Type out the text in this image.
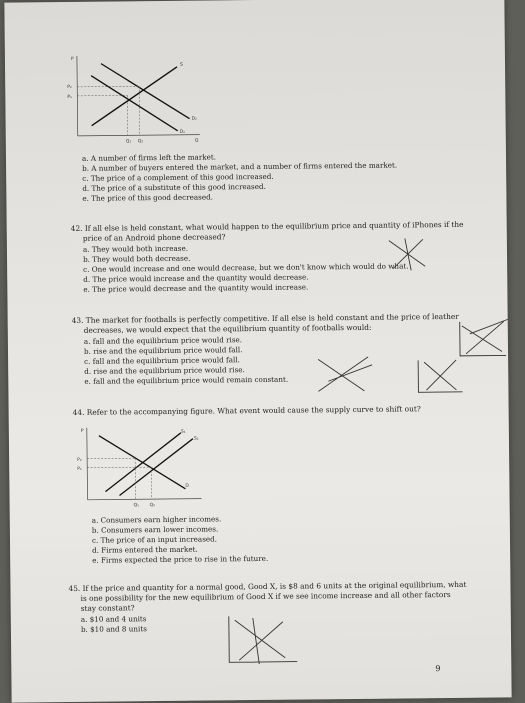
P
S
P₂
P₁
D₂
D₁
Q₁ Q₂	Q
a. A number of firms left the market.
b. A number of buyers entered the market, and a number of firms entered the market.
c. The price of a complement of this good increased.
d. The price of a substitute of this good increased.
e. The price of this good decreased.
42. If all else is held constant, what would happen to the equilibrium price and quantity of iPhones if the
price of an Android phone decreased?
a. They would both increase.
b. They would both decrease.
c. One would increase and one would decrease, but we don't know which would do what.
d. The price would increase and the quantity would decrease.
e. The price would decrease and the quantity would increase.
43. The market for footballs is perfectly competitive. If all else is held constant and the price of leather
decreases, we would expect that the equilibrium quantity of footballs would:
a. fall and the equilibrium price would rise.
b. rise and the equilibrium price would fall.
c. fall and the equilibrium price would fall.
d. rise and the equilibrium price would rise.
e. fall and the equilibrium price would remain constant.
44. Refer to the accompanying figure. What event would cause the supply curve to shift out?
P	S₁
S₂
P₂
P₁
D
Q₁ Q₂
a. Consumers earn higher incomes.
b. Consumers earn lower incomes.
c. The price of an input increased.
d. Firms entered the market.
e. Firms expected the price to rise in the future.
45. If the price and quantity for a normal good, Good X, is $8 and 6 units at the original equilibrium, what
is one possibility for the new equilibrium of Good X if we see income increase and all other factors
stay constant?
a. $10 and 4 units
b. $10 and 8 units
9
